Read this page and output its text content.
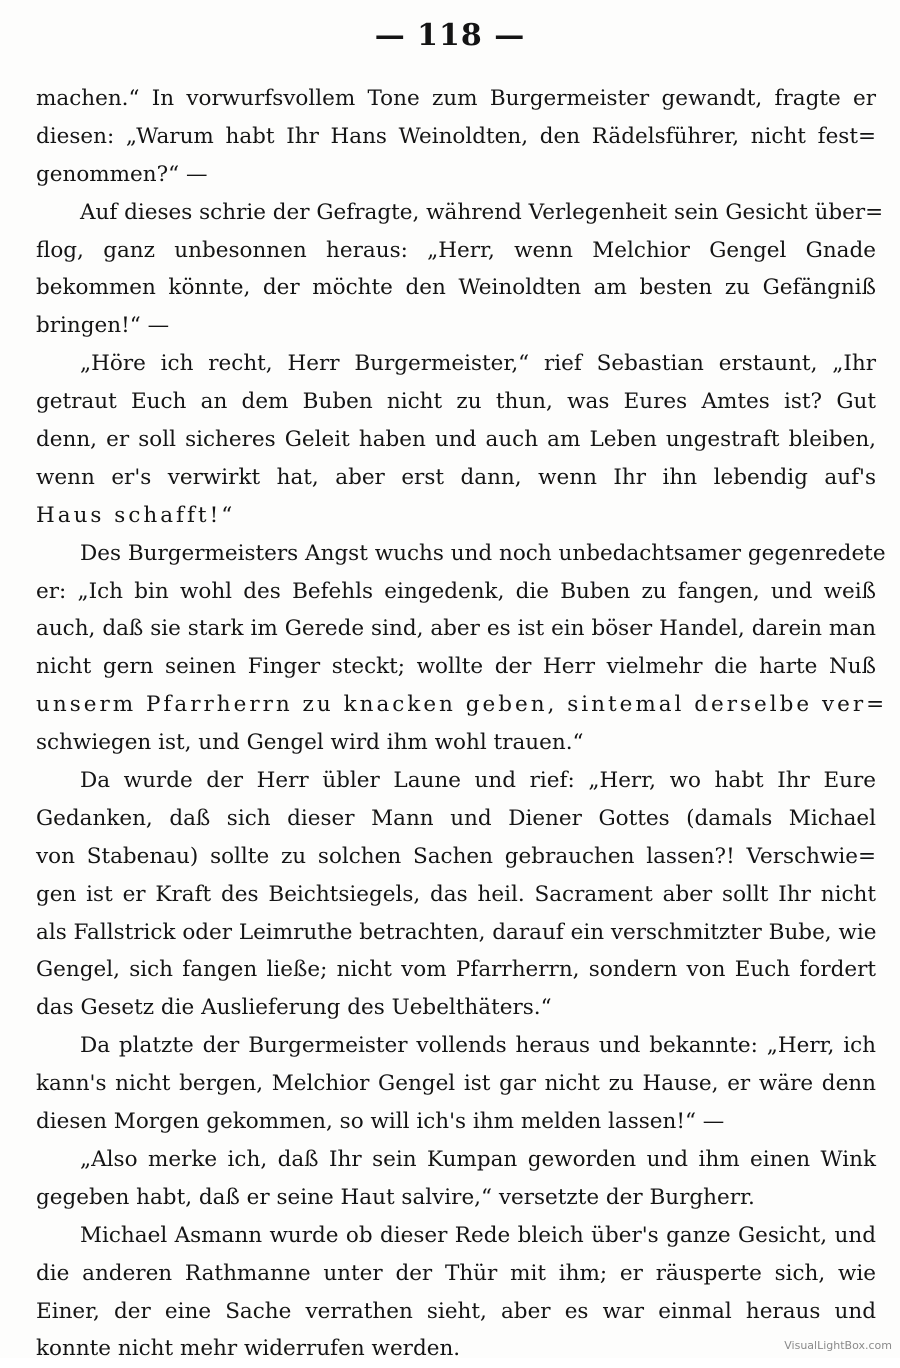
— 118 —
machen.“ In vorwurfsvollem Tone zum Burgermeister gewandt, fragte er
diesen: „Warum habt Ihr Hans Weinoldten, den Rädelsführer, nicht fest=
genommen?“ —
Auf dieses schrie der Gefragte, während Verlegenheit sein Gesicht über=
flog, ganz unbesonnen heraus: „Herr, wenn Melchior Gengel Gnade
bekommen könnte, der möchte den Weinoldten am besten zu Gefängniß
bringen!“ —
„Höre ich recht, Herr Burgermeister,“ rief Sebastian erstaunt, „Ihr
getraut Euch an dem Buben nicht zu thun, was Eures Amtes ist? Gut
denn, er soll sicheres Geleit haben und auch am Leben ungestraft bleiben,
wenn er's verwirkt hat, aber erst dann, wenn Ihr ihn lebendig auf's
Haus schafft!“
Des Burgermeisters Angst wuchs und noch unbedachtsamer gegenredete
er: „Ich bin wohl des Befehls eingedenk, die Buben zu fangen, und weiß
auch, daß sie stark im Gerede sind, aber es ist ein böser Handel, darein man
nicht gern seinen Finger steckt; wollte der Herr vielmehr die harte Nuß
unserm Pfarrherrn zu knacken geben, sintemal derselbe ver=
schwiegen ist, und Gengel wird ihm wohl trauen.“
Da wurde der Herr übler Laune und rief: „Herr, wo habt Ihr Eure
Gedanken, daß sich dieser Mann und Diener Gottes (damals Michael
von Stabenau) sollte zu solchen Sachen gebrauchen lassen?! Verschwie=
gen ist er Kraft des Beichtsiegels, das heil. Sacrament aber sollt Ihr nicht
als Fallstrick oder Leimruthe betrachten, darauf ein verschmitzter Bube, wie
Gengel, sich fangen ließe; nicht vom Pfarrherrn, sondern von Euch fordert
das Gesetz die Auslieferung des Uebelthäters.“
Da platzte der Burgermeister vollends heraus und bekannte: „Herr, ich
kann's nicht bergen, Melchior Gengel ist gar nicht zu Hause, er wäre denn
diesen Morgen gekommen, so will ich's ihm melden lassen!“ —
„Also merke ich, daß Ihr sein Kumpan geworden und ihm einen Wink
gegeben habt, daß er seine Haut salvire,“ versetzte der Burgherr.
Michael Asmann wurde ob dieser Rede bleich über's ganze Gesicht, und
die anderen Rathmanne unter der Thür mit ihm; er räusperte sich, wie
Einer, der eine Sache verrathen sieht, aber es war einmal heraus und
konnte nicht mehr widerrufen werden.	VisualLightBox.com
